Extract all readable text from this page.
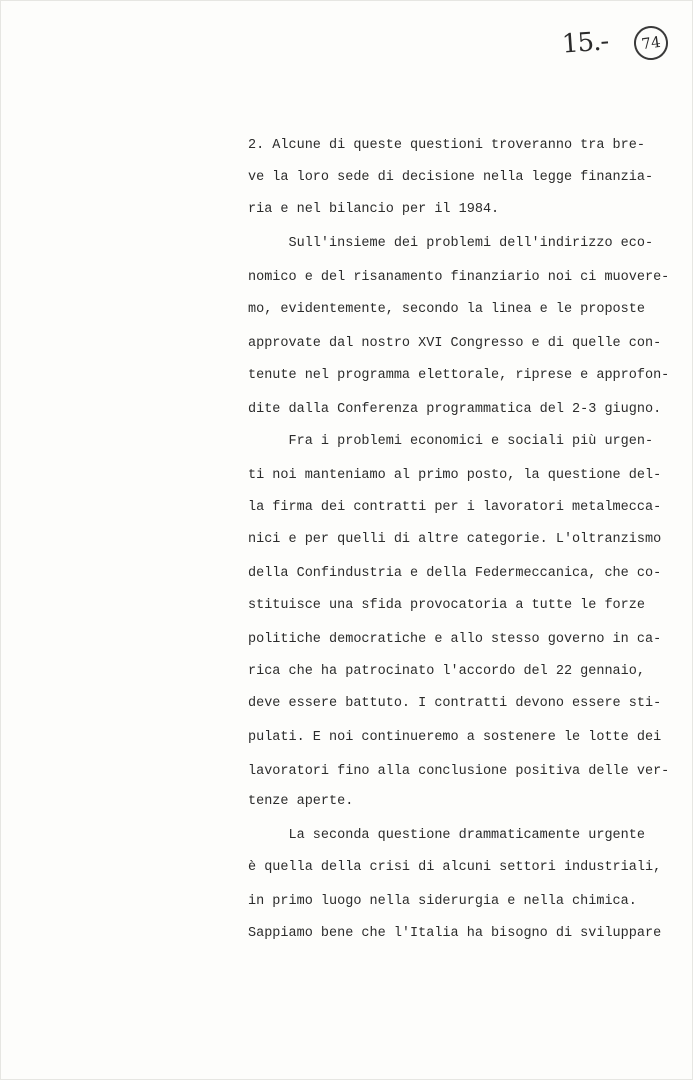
15.-	74
2. Alcune di queste questioni troveranno tra bre-
ve la loro sede di decisione nella legge finanzia-
ria e nel bilancio per il 1984.
Sull'insieme dei problemi dell'indirizzo eco-
nomico e del risanamento finanziario noi ci muovere-
mo, evidentemente, secondo la linea e le proposte
approvate dal nostro XVI Congresso e di quelle con-
tenute nel programma elettorale, riprese e approfon-
dite dalla Conferenza programmatica del 2-3 giugno.
Fra i problemi economici e sociali più urgen-
ti noi manteniamo al primo posto, la questione del-
la firma dei contratti per i lavoratori metalmecca-
nici e per quelli di altre categorie. L'oltranzismo
della Confindustria e della Federmeccanica, che co-
stituisce una sfida provocatoria a tutte le forze
politiche democratiche e allo stesso governo in ca-
rica che ha patrocinato l'accordo del 22 gennaio,
deve essere battuto. I contratti devono essere sti-
pulati. E noi continueremo a sostenere le lotte dei
lavoratori fino alla conclusione positiva delle ver-
tenze aperte.
La seconda questione drammaticamente urgente
è quella della crisi di alcuni settori industriali,
in primo luogo nella siderurgia e nella chimica.
Sappiamo bene che l'Italia ha bisogno di sviluppare
